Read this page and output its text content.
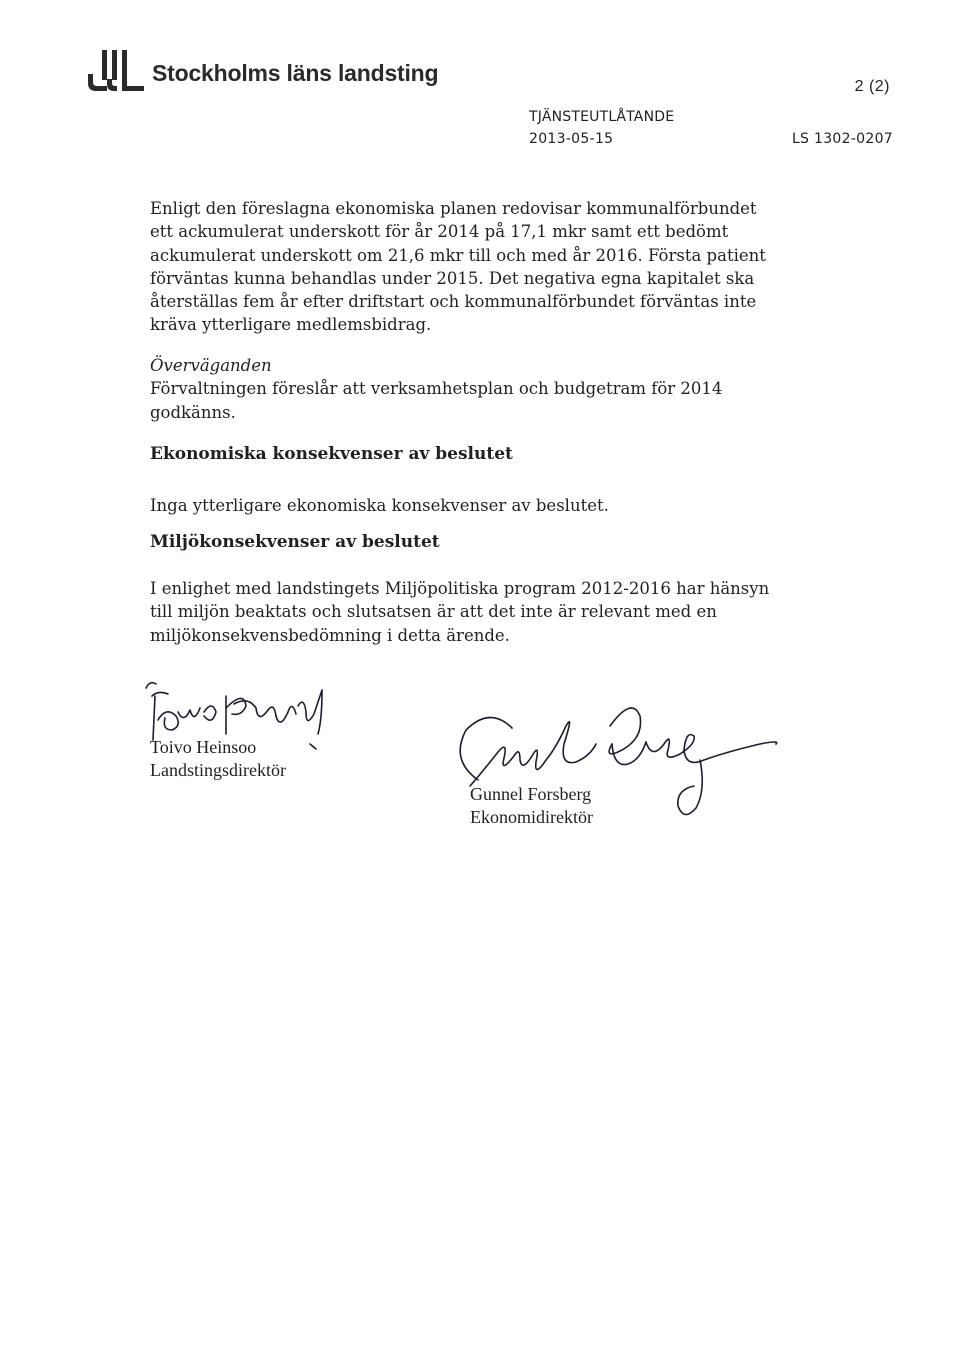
Stockholms läns landsting
2 (2)
TJÄNSTEUTLÅTANDE
2013-05-15	LS 1302-0207
Enligt den föreslagna ekonomiska planen redovisar kommunalförbundet ett ackumulerat underskott för år 2014 på 17,1 mkr samt ett bedömt ackumulerat underskott om 21,6 mkr till och med år 2016. Första patient förväntas kunna behandlas under 2015. Det negativa egna kapitalet ska återställas fem år efter driftstart och kommunalförbundet förväntas inte kräva ytterligare medlemsbidrag.
Överväganden
Förvaltningen föreslår att verksamhetsplan och budgetram för 2014 godkänns.
Ekonomiska konsekvenser av beslutet
Inga ytterligare ekonomiska konsekvenser av beslutet.
Miljökonsekvenser av beslutet
I enlighet med landstingets Miljöpolitiska program 2012-2016 har hänsyn till miljön beaktats och slutsatsen är att det inte är relevant med en miljökonsekvensbedömning i detta ärende.
Toivo Heinsoo
Landstingsdirektör
Gunnel Forsberg
Ekonomidirektör
